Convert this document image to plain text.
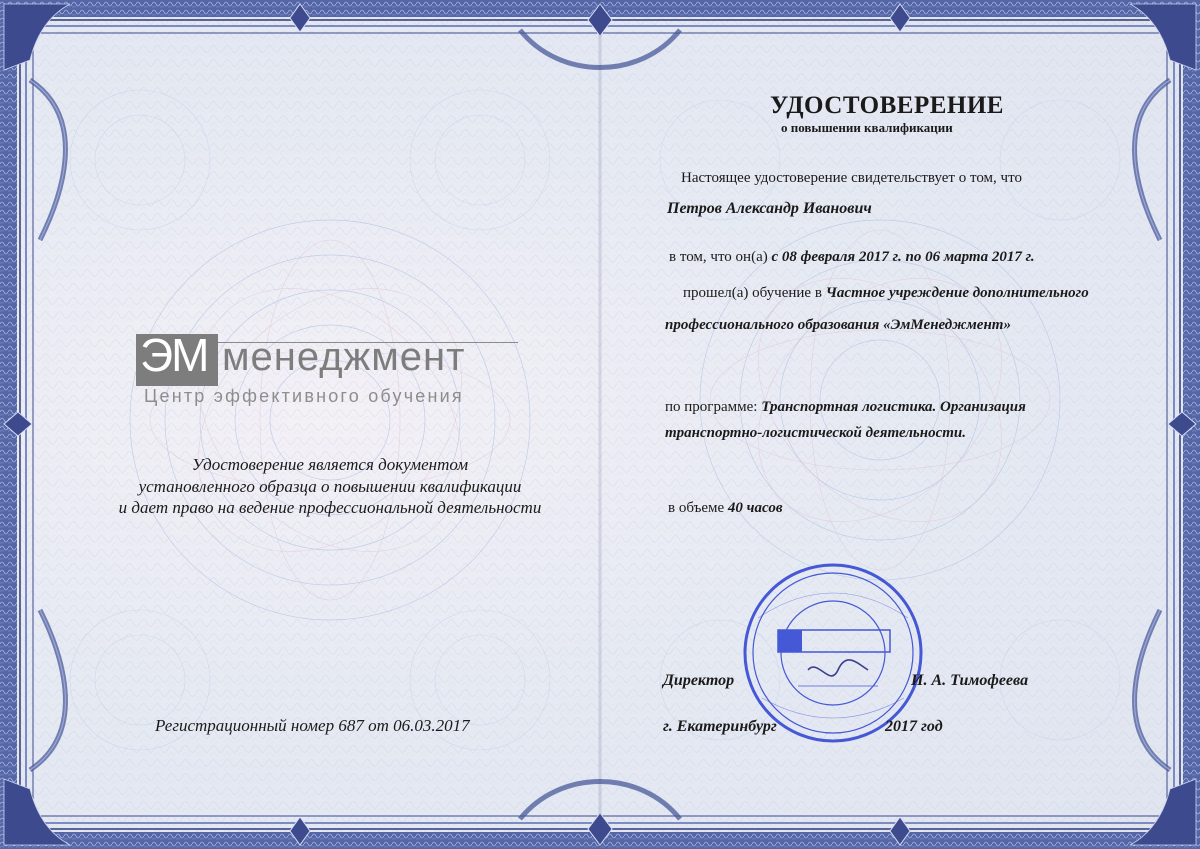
ЭМ менеджмент
Центр эффективного обучения
Удостоверение является документом
установленного образца о повышении квалификации
и дает право на ведение профессиональной деятельности
Регистрационный номер 687 от 06.03.2017
УДОСТОВЕРЕНИЕ
о повышении квалификации
Настоящее удостоверение свидетельствует о том, что
Петров Александр Иванович
в том, что он(а) с 08 февраля 2017 г. по 06 марта 2017 г.
прошел(а) обучение в Частное учреждение дополнительного
профессионального образования «ЭмМенеджмент»
по программе: Транспортная логистика. Организация
транспортно-логистической деятельности.
в объеме 40 часов
Директор	И. А. Тимофеева
г. Екатеринбург	2017 год
